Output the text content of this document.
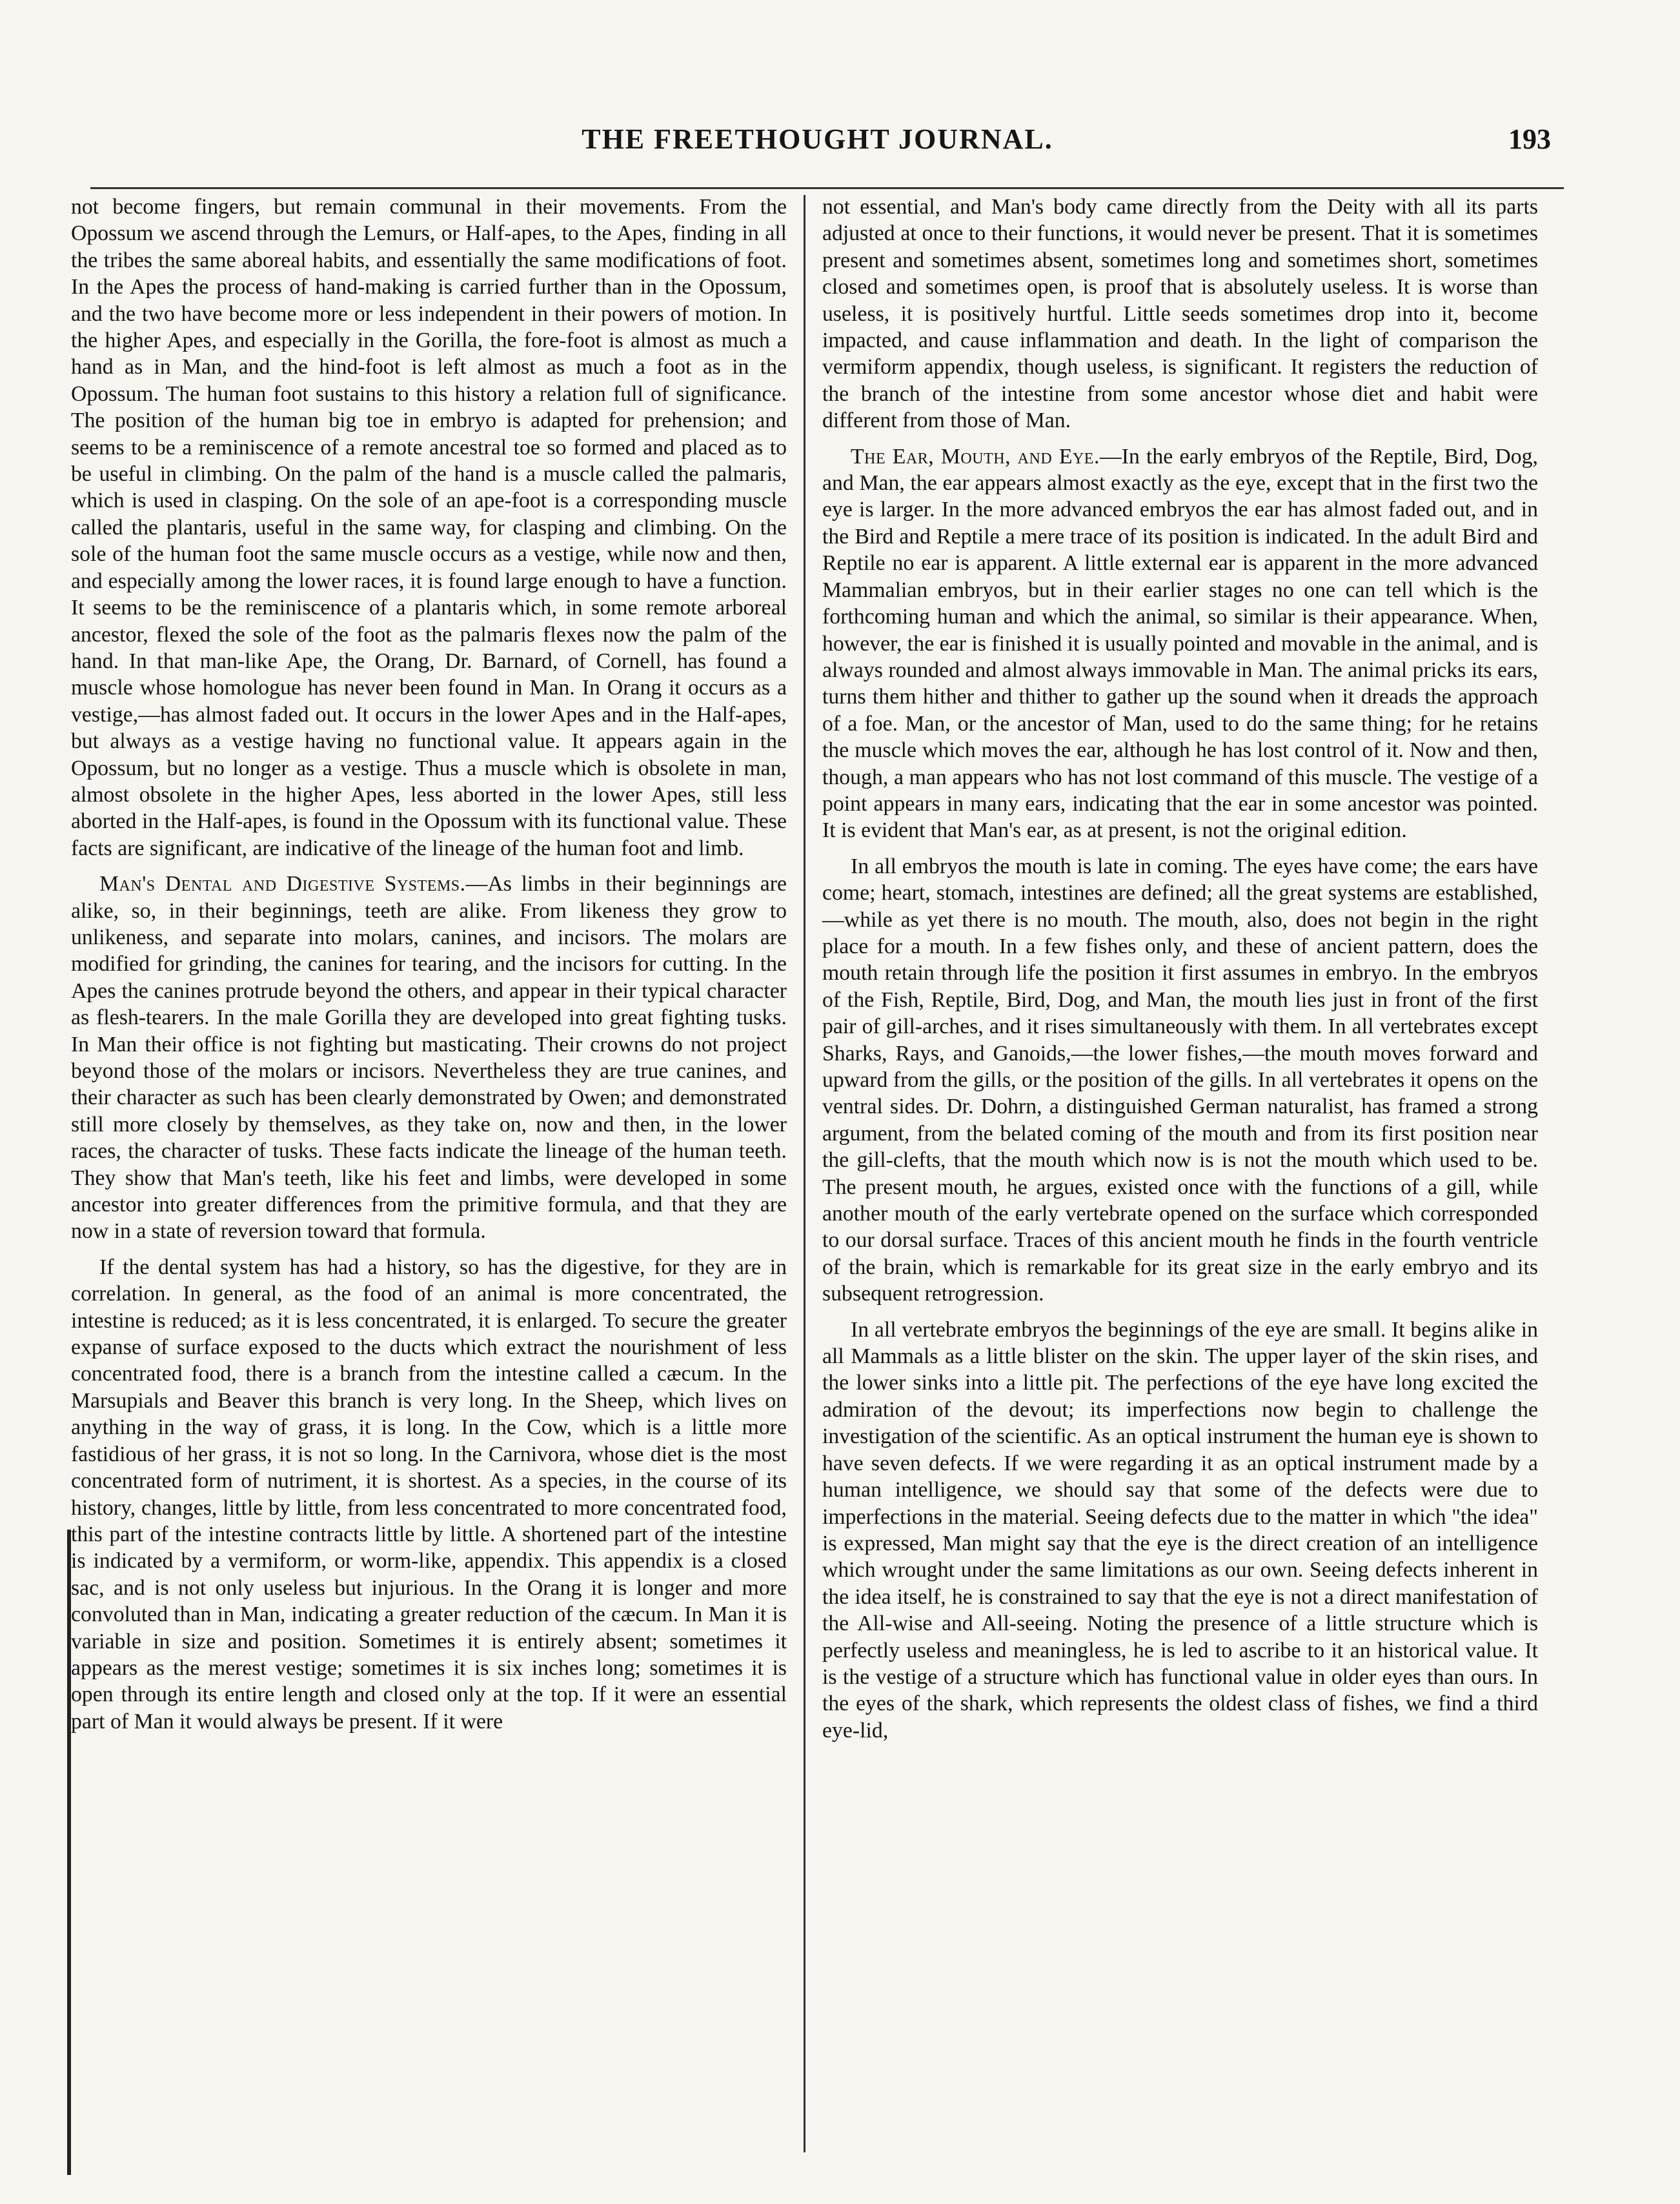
THE FREETHOUGHT JOURNAL.	193

not become fingers, but remain communal in their movements. From the Opossum we ascend through the Lemurs, or Half-apes, to the Apes, finding in all the tribes the same aboreal habits, and essentially the same modifications of foot. In the Apes the process of hand-making is carried further than in the Opossum, and the two have become more or less independent in their powers of motion. In the higher Apes, and especially in the Gorilla, the fore-foot is almost as much a hand as in Man, and the hind-foot is left almost as much a foot as in the Opossum. The human foot sustains to this history a relation full of significance. The position of the human big toe in embryo is adapted for prehension; and seems to be a reminiscence of a remote ancestral toe so formed and placed as to be useful in climbing. On the palm of the hand is a muscle called the palmaris, which is used in clasping. On the sole of an ape-foot is a corresponding muscle called the plantaris, useful in the same way, for clasping and climbing. On the sole of the human foot the same muscle occurs as a vestige, while now and then, and especially among the lower races, it is found large enough to have a function. It seems to be the reminiscence of a plantaris which, in some remote arboreal ancestor, flexed the sole of the foot as the palmaris flexes now the palm of the hand. In that man-like Ape, the Orang, Dr. Barnard, of Cornell, has found a muscle whose homologue has never been found in Man. In Orang it occurs as a vestige,—has almost faded out. It occurs in the lower Apes and in the Half-apes, but always as a vestige having no functional value. It appears again in the Opossum, but no longer as a vestige. Thus a muscle which is obsolete in man, almost obsolete in the higher Apes, less aborted in the lower Apes, still less aborted in the Half-apes, is found in the Opossum with its functional value. These facts are significant, are indicative of the lineage of the human foot and limb.

Man's Dental and Digestive Systems.—As limbs in their beginnings are alike, so, in their beginnings, teeth are alike. From likeness they grow to unlikeness, and separate into molars, canines, and incisors. The molars are modified for grinding, the canines for tearing, and the incisors for cutting. In the Apes the canines protrude beyond the others, and appear in their typical character as flesh-tearers. In the male Gorilla they are developed into great fighting tusks. In Man their office is not fighting but masticating. Their crowns do not project beyond those of the molars or incisors. Nevertheless they are true canines, and their character as such has been clearly demonstrated by Owen; and demonstrated still more closely by themselves, as they take on, now and then, in the lower races, the character of tusks. These facts indicate the lineage of the human teeth. They show that Man's teeth, like his feet and limbs, were developed in some ancestor into greater differences from the primitive formula, and that they are now in a state of reversion toward that formula.

If the dental system has had a history, so has the digestive, for they are in correlation. In general, as the food of an animal is more concentrated, the intestine is reduced; as it is less concentrated, it is enlarged. To secure the greater expanse of surface exposed to the ducts which extract the nourishment of less concentrated food, there is a branch from the intestine called a cæcum. In the Marsupials and Beaver this branch is very long. In the Sheep, which lives on anything in the way of grass, it is long. In the Cow, which is a little more fastidious of her grass, it is not so long. In the Carnivora, whose diet is the most concentrated form of nutriment, it is shortest. As a species, in the course of its history, changes, little by little, from less concentrated to more concentrated food, this part of the intestine contracts little by little. A shortened part of the intestine is indicated by a vermiform, or worm-like, appendix. This appendix is a closed sac, and is not only useless but injurious. In the Orang it is longer and more convoluted than in Man, indicating a greater reduction of the cæcum. In Man it is variable in size and position. Sometimes it is entirely absent; sometimes it appears as the merest vestige; sometimes it is six inches long; sometimes it is open through its entire length and closed only at the top. If it were an essential part of Man it would always be present. If it were

not essential, and Man's body came directly from the Deity with all its parts adjusted at once to their functions, it would never be present. That it is sometimes present and sometimes absent, sometimes long and sometimes short, sometimes closed and sometimes open, is proof that is absolutely useless. It is worse than useless, it is positively hurtful. Little seeds sometimes drop into it, become impacted, and cause inflammation and death. In the light of comparison the vermiform appendix, though useless, is significant. It registers the reduction of the branch of the intestine from some ancestor whose diet and habit were different from those of Man.

The Ear, Mouth, and Eye.—In the early embryos of the Reptile, Bird, Dog, and Man, the ear appears almost exactly as the eye, except that in the first two the eye is larger. In the more advanced embryos the ear has almost faded out, and in the Bird and Reptile a mere trace of its position is indicated. In the adult Bird and Reptile no ear is apparent. A little external ear is apparent in the more advanced Mammalian embryos, but in their earlier stages no one can tell which is the forthcoming human and which the animal, so similar is their appearance. When, however, the ear is finished it is usually pointed and movable in the animal, and is always rounded and almost always immovable in Man. The animal pricks its ears, turns them hither and thither to gather up the sound when it dreads the approach of a foe. Man, or the ancestor of Man, used to do the same thing; for he retains the muscle which moves the ear, although he has lost control of it. Now and then, though, a man appears who has not lost command of this muscle. The vestige of a point appears in many ears, indicating that the ear in some ancestor was pointed. It is evident that Man's ear, as at present, is not the original edition.

In all embryos the mouth is late in coming. The eyes have come; the ears have come; heart, stomach, intestines are defined; all the great systems are established,—while as yet there is no mouth. The mouth, also, does not begin in the right place for a mouth. In a few fishes only, and these of ancient pattern, does the mouth retain through life the position it first assumes in embryo. In the embryos of the Fish, Reptile, Bird, Dog, and Man, the mouth lies just in front of the first pair of gill-arches, and it rises simultaneously with them. In all vertebrates except Sharks, Rays, and Ganoids,—the lower fishes,—the mouth moves forward and upward from the gills, or the position of the gills. In all vertebrates it opens on the ventral sides. Dr. Dohrn, a distinguished German naturalist, has framed a strong argument, from the belated coming of the mouth and from its first position near the gill-clefts, that the mouth which now is is not the mouth which used to be. The present mouth, he argues, existed once with the functions of a gill, while another mouth of the early vertebrate opened on the surface which corresponded to our dorsal surface. Traces of this ancient mouth he finds in the fourth ventricle of the brain, which is remarkable for its great size in the early embryo and its subsequent retrogression.

In all vertebrate embryos the beginnings of the eye are small. It begins alike in all Mammals as a little blister on the skin. The upper layer of the skin rises, and the lower sinks into a little pit. The perfections of the eye have long excited the admiration of the devout; its imperfections now begin to challenge the investigation of the scientific. As an optical instrument the human eye is shown to have seven defects. If we were regarding it as an optical instrument made by a human intelligence, we should say that some of the defects were due to imperfections in the material. Seeing defects due to the matter in which "the idea" is expressed, Man might say that the eye is the direct creation of an intelligence which wrought under the same limitations as our own. Seeing defects inherent in the idea itself, he is constrained to say that the eye is not a direct manifestation of the All-wise and All-seeing. Noting the presence of a little structure which is perfectly useless and meaningless, he is led to ascribe to it an historical value. It is the vestige of a structure which has functional value in older eyes than ours. In the eyes of the shark, which represents the oldest class of fishes, we find a third eye-lid,
